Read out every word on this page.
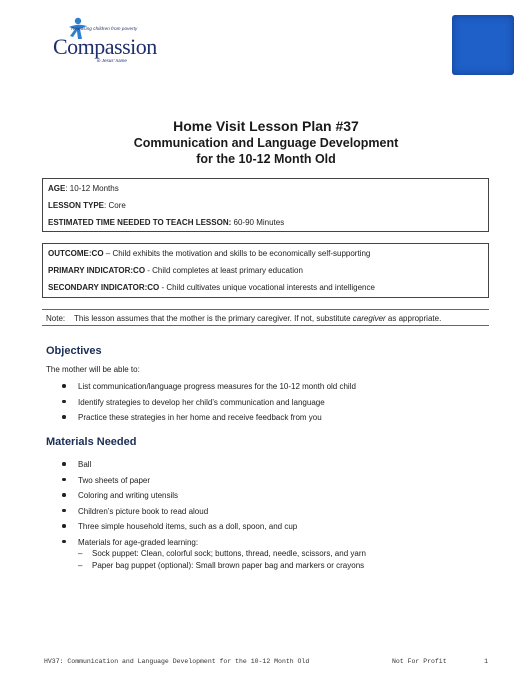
Releasing children from poverty
Compassion
in Jesus' name
Home Visit Lesson Plan #37
Communication and Language Development
for the 10-12 Month Old
AGE: 10-12 Months
LESSON TYPE: Core
ESTIMATED TIME NEEDED TO TEACH LESSON: 60-90 Minutes
OUTCOME:CO – Child exhibits the motivation and skills to be economically self-supporting
PRIMARY INDICATOR:CO - Child completes at least primary education
SECONDARY INDICATOR:CO - Child cultivates unique vocational interests and intelligence
Note: This lesson assumes that the mother is the primary caregiver. If not, substitute caregiver as appropriate.
Objectives
The mother will be able to:
List communication/language progress measures for the 10-12 month old child
Identify strategies to develop her child’s communication and language
Practice these strategies in her home and receive feedback from you
Materials Needed
Ball
Two sheets of paper
Coloring and writing utensils
Children’s picture book to read aloud
Three simple household items, such as a doll, spoon, and cup
Materials for age-graded learning:
– Sock puppet: Clean, colorful sock; buttons, thread, needle, scissors, and yarn
– Paper bag puppet (optional): Small brown paper bag and markers or crayons
HV37: Communication and Language Development for the 10-12 Month Old	Not For Profit	1
